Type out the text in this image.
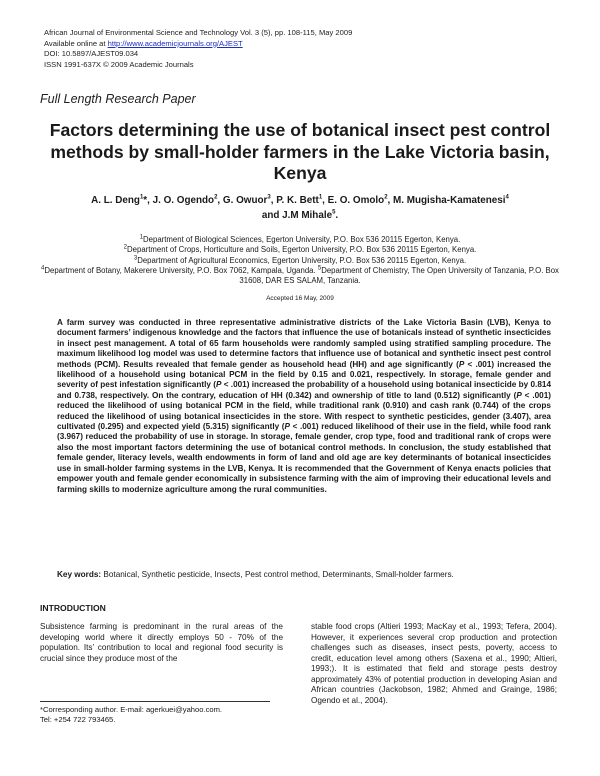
African Journal of Environmental Science and Technology Vol. 3 (5), pp. 108-115, May 2009
Available online at http://www.academicjournals.org/AJEST
DOI: 10.5897/AJEST09.034
ISSN 1991-637X © 2009 Academic Journals
Full Length Research Paper
Factors determining the use of botanical insect pest control methods by small-holder farmers in the Lake Victoria basin, Kenya
A. L. Deng$^1$*, J. O. Ogendo$^2$, G. Owuor$^3$, P. K. Bett$^1$, E. O. Omolo$^2$, M. Mugisha-Kamatenesi$^4$
and J.M Mihale$^5$.
$^1$Department of Biological Sciences, Egerton University, P.O. Box 536 20115 Egerton, Kenya.
$^2$Department of Crops, Horticulture and Soils, Egerton University, P.O. Box 536 20115 Egerton, Kenya.
$^3$Department of Agricultural Economics, Egerton University, P.O. Box 536 20115 Egerton, Kenya.
$^4$Department of Botany, Makerere University, P.O. Box 7062, Kampala, Uganda. $^5$Department of Chemistry, The Open University of Tanzania, P.O. Box 31608, DAR ES SALAM, Tanzania.
Accepted 16 May, 2009
A farm survey was conducted in three representative administrative districts of the Lake Victoria Basin (LVB), Kenya to document farmers’ indigenous knowledge and the factors that influence the use of botanicals instead of synthetic insecticides in insect pest management. A total of 65 farm households were randomly sampled using stratified sampling procedure. The maximum likelihood log model was used to determine factors that influence use of botanical and synthetic insect pest control methods (PCM). Results revealed that female gender as household head (HH) and age significantly (P < .001) increased the likelihood of a household using botanical PCM in the field by 0.15 and 0.021, respectively. In storage, female gender and severity of pest infestation significantly (P < .001) increased the probability of a household using botanical insecticide by 0.814 and 0.738, respectively. On the contrary, education of HH (0.342) and ownership of title to land (0.512) significantly (P < .001) reduced the likelihood of using botanical PCM in the field, while traditional rank (0.910) and cash rank (0.744) of the crops reduced the likelihood of using botanical insecticides in the store. With respect to synthetic pesticides, gender (3.407), area cultivated (0.295) and expected yield (5.315) significantly (P < .001) reduced likelihood of their use in the field, while food rank (3.967) reduced the probability of use in storage. In storage, female gender, crop type, food and traditional rank of crops were also the most important factors determining the use of botanical control methods. In conclusion, the study established that female gender, literacy levels, wealth endowments in form of land and old age are key determinants of botanical insecticides use in small-holder farming systems in the LVB, Kenya. It is recommended that the Government of Kenya enacts policies that empower youth and female gender economically in subsistence farming with the aim of improving their educational levels and farming skills to modernize agriculture among the rural communities.
Key words: Botanical, Synthetic pesticide, Insects, Pest control method, Determinants, Small-holder farmers.
INTRODUCTION
Subsistence farming is predominant in the rural areas of the developing world where it directly employs 50 - 70% of the population. Its’ contribution to local and regional food security is crucial since they produce most of the
*Corresponding author. E-mail: agerkuei@yahoo.com.
Tel: +254 722 793465.
stable food crops (Altieri 1993; MacKay et al., 1993; Tefera, 2004). However, it experiences several crop production and protection challenges such as diseases, insect pests, poverty, access to credit, education level among others (Saxena et al., 1990; Altieri, 1993;). It is estimated that field and storage pests destroy approximately 43% of potential production in developing Asian and African countries (Jackobson, 1982; Ahmed and Grainge, 1986; Ogendo et al., 2004).
